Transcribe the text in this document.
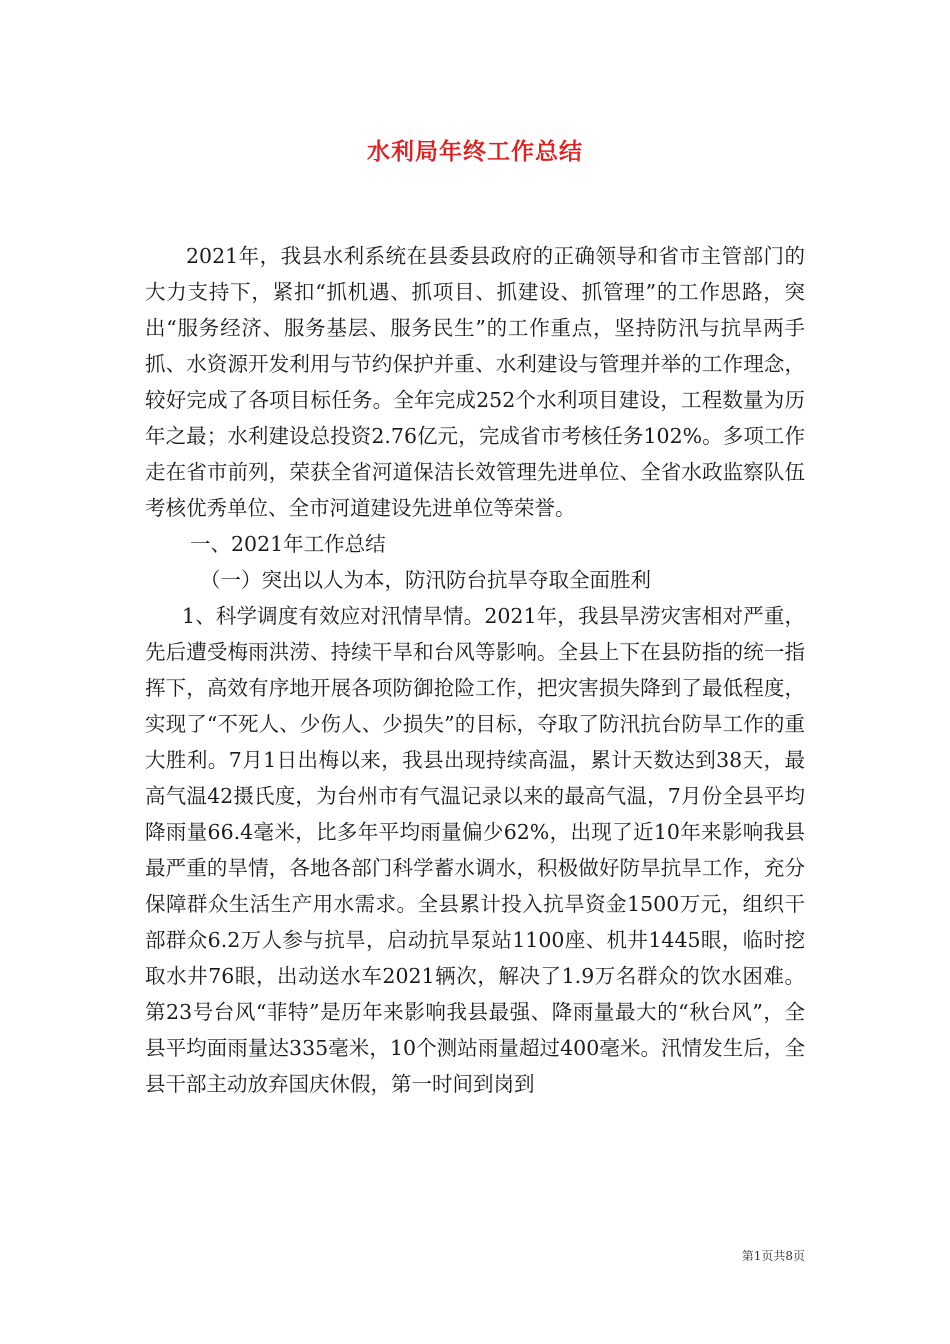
水利局年终工作总结

2021年，我县水利系统在县委县政府的正确领导和省市主管部门的大力支持下，紧扣“抓机遇、抓项目、抓建设、抓管理”的工作思路，突出“服务经济、服务基层、服务民生”的工作重点，坚持防汛与抗旱两手抓、水资源开发利用与节约保护并重、水利建设与管理并举的工作理念，较好完成了各项目标任务。全年完成252个水利项目建设，工程数量为历年之最；水利建设总投资2.76亿元，完成省市考核任务102%。多项工作走在省市前列，荣获全省河道保洁长效管理先进单位、全省水政监察队伍考核优秀单位、全市河道建设先进单位等荣誉。

一、2021年工作总结

（一）突出以人为本，防汛防台抗旱夺取全面胜利

1、科学调度有效应对汛情旱情。2021年，我县旱涝灾害相对严重，先后遭受梅雨洪涝、持续干旱和台风等影响。全县上下在县防指的统一指挥下，高效有序地开展各项防御抢险工作，把灾害损失降到了最低程度，实现了“不死人、少伤人、少损失”的目标，夺取了防汛抗台防旱工作的重大胜利。7月1日出梅以来，我县出现持续高温，累计天数达到38天，最高气温42摄氏度，为台州市有气温记录以来的最高气温，7月份全县平均降雨量66.4毫米，比多年平均雨量偏少62%，出现了近10年来影响我县最严重的旱情，各地各部门科学蓄水调水，积极做好防旱抗旱工作，充分保障群众生活生产用水需求。全县累计投入抗旱资金1500万元，组织干部群众6.2万人参与抗旱，启动抗旱泵站1100座、机井1445眼，临时挖取水井76眼，出动送水车2021辆次，解决了1.9万名群众的饮水困难。第23号台风“菲特”是历年来影响我县最强、降雨量最大的“秋台风”，全县平均面雨量达335毫米，10个测站雨量超过400毫米。汛情发生后，全县干部主动放弃国庆休假，第一时间到岗到

第1页共8页
